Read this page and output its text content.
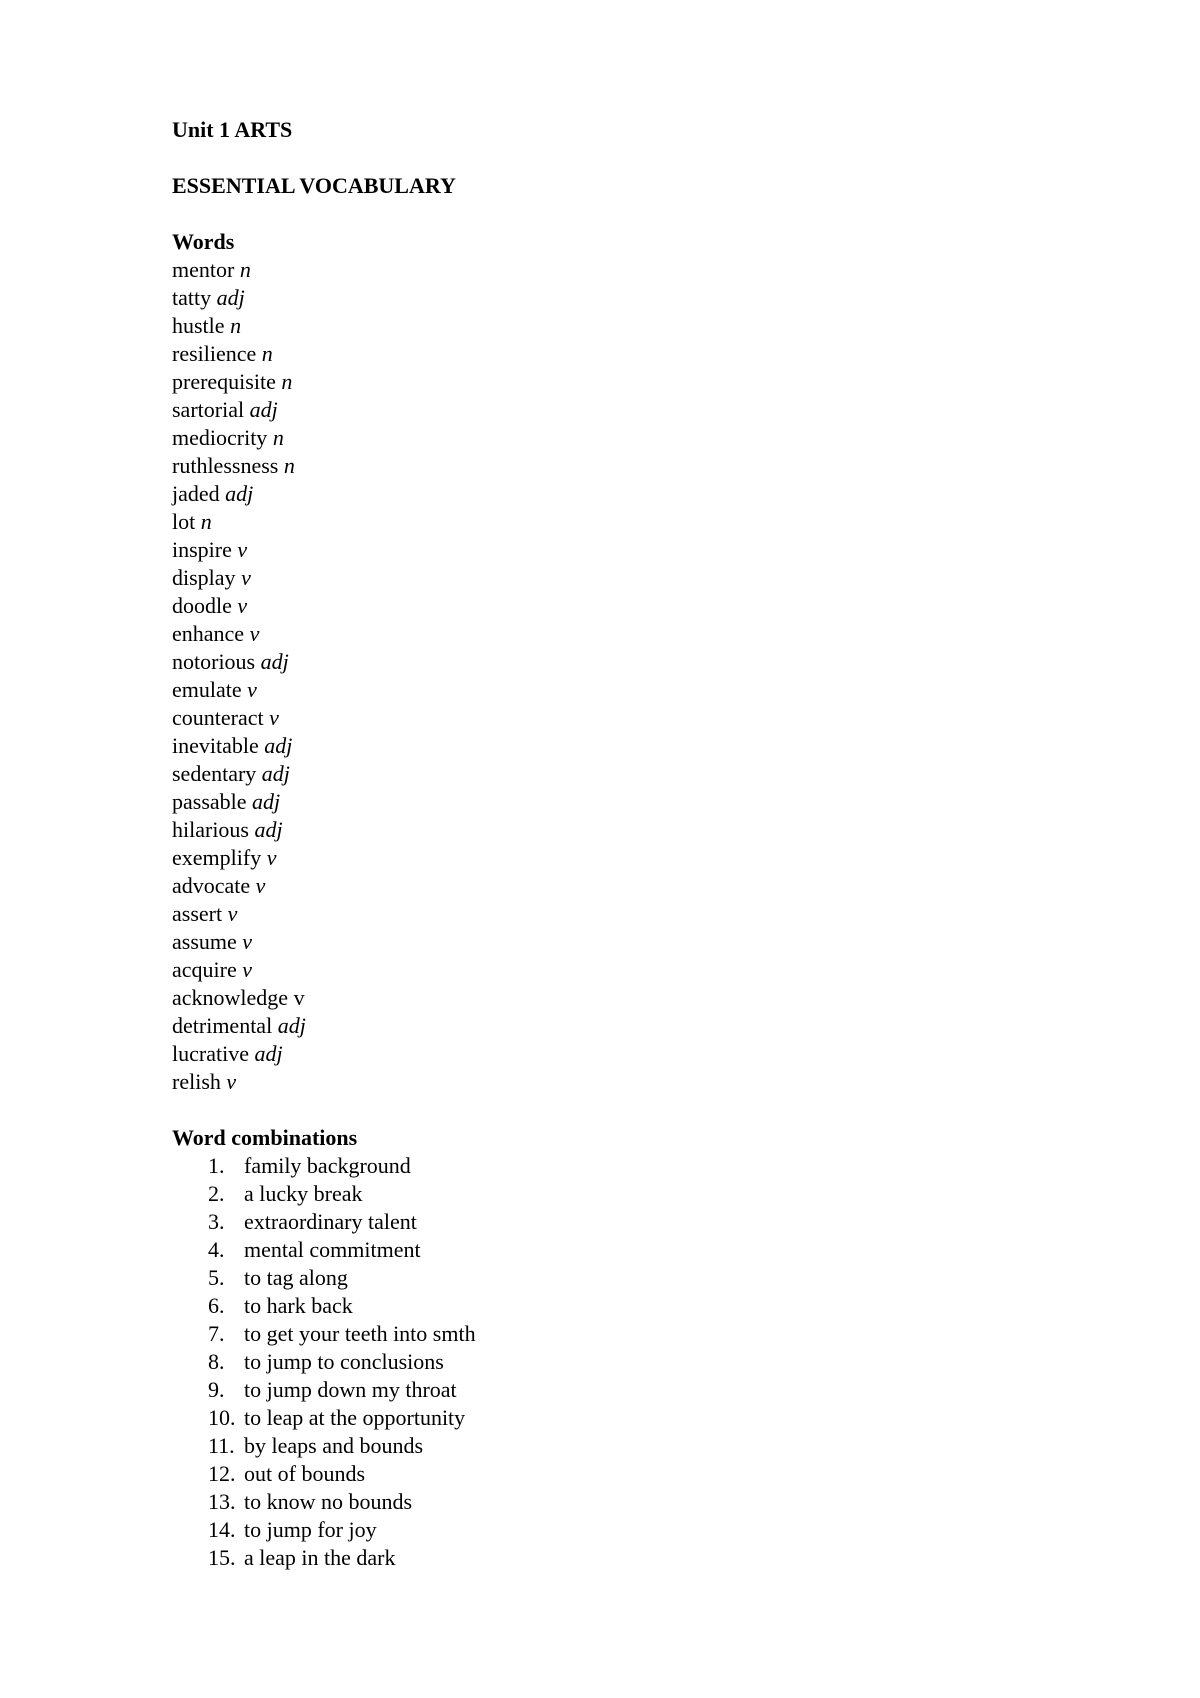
Unit 1 ARTS
ESSENTIAL VOCABULARY
Words
mentor n
tatty adj
hustle n
resilience n
prerequisite n
sartorial adj
mediocrity n
ruthlessness n
jaded adj
lot n
inspire v
display v
doodle v
enhance v
notorious adj
emulate v
counteract v
inevitable adj
sedentary adj
passable adj
hilarious adj
exemplify v
advocate v
assert v
assume v
acquire v
acknowledge v
detrimental adj
lucrative adj
relish v
Word combinations
1. family background
2. a lucky break
3. extraordinary talent
4. mental commitment
5. to tag along
6. to hark back
7. to get your teeth into smth
8. to jump to conclusions
9. to jump down my throat
10. to leap at the opportunity
11. by leaps and bounds
12. out of bounds
13. to know no bounds
14. to jump for joy
15. a leap in the dark
